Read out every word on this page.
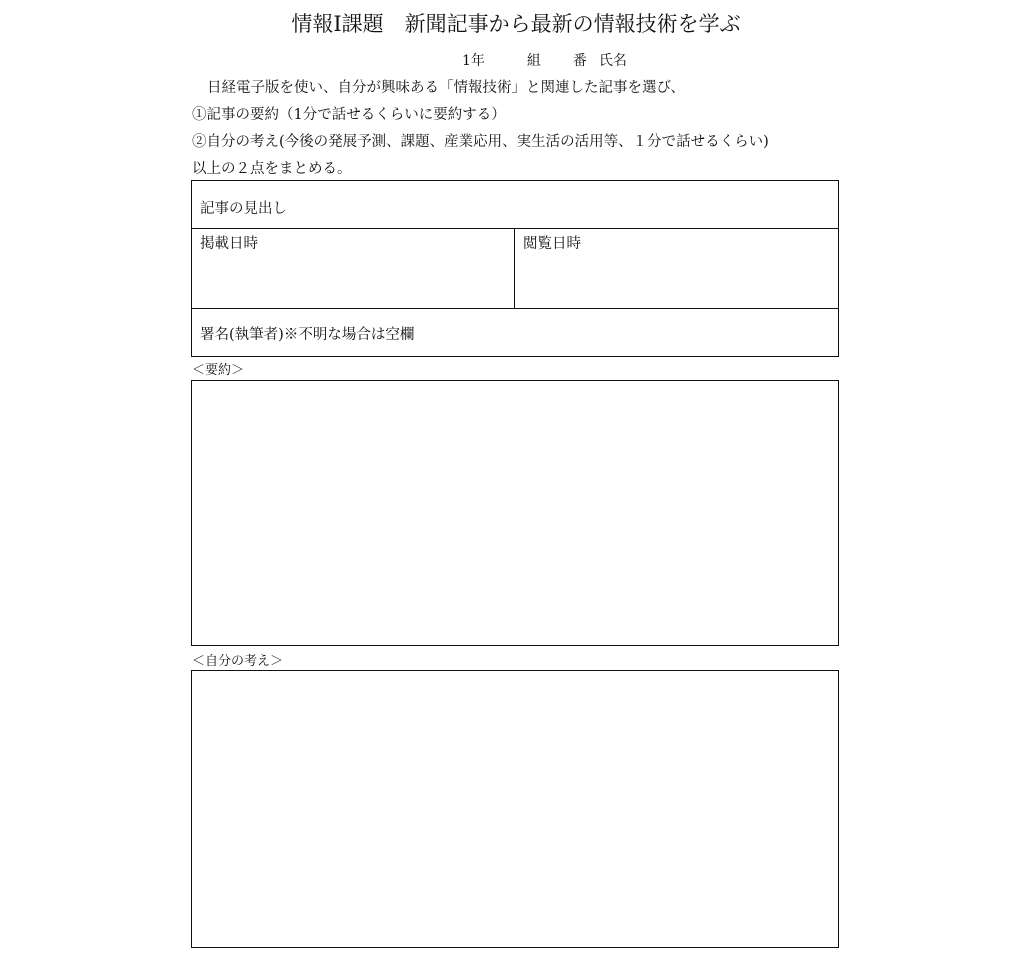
情報Ⅰ課題　新聞記事から最新の情報技術を学ぶ
1年	組 番 氏名
日経電子版を使い、自分が興味ある「情報技術」と関連した記事を選び、
①記事の要約（1分で話せるくらいに要約する）
②自分の考え(今後の発展予測、課題、産業応用、実生活の活用等、１分で話せるくらい)
以上の２点をまとめる。
記事の見出し
掲載日時	閲覧日時
署名(執筆者)※不明な場合は空欄
＜要約＞
＜自分の考え＞
